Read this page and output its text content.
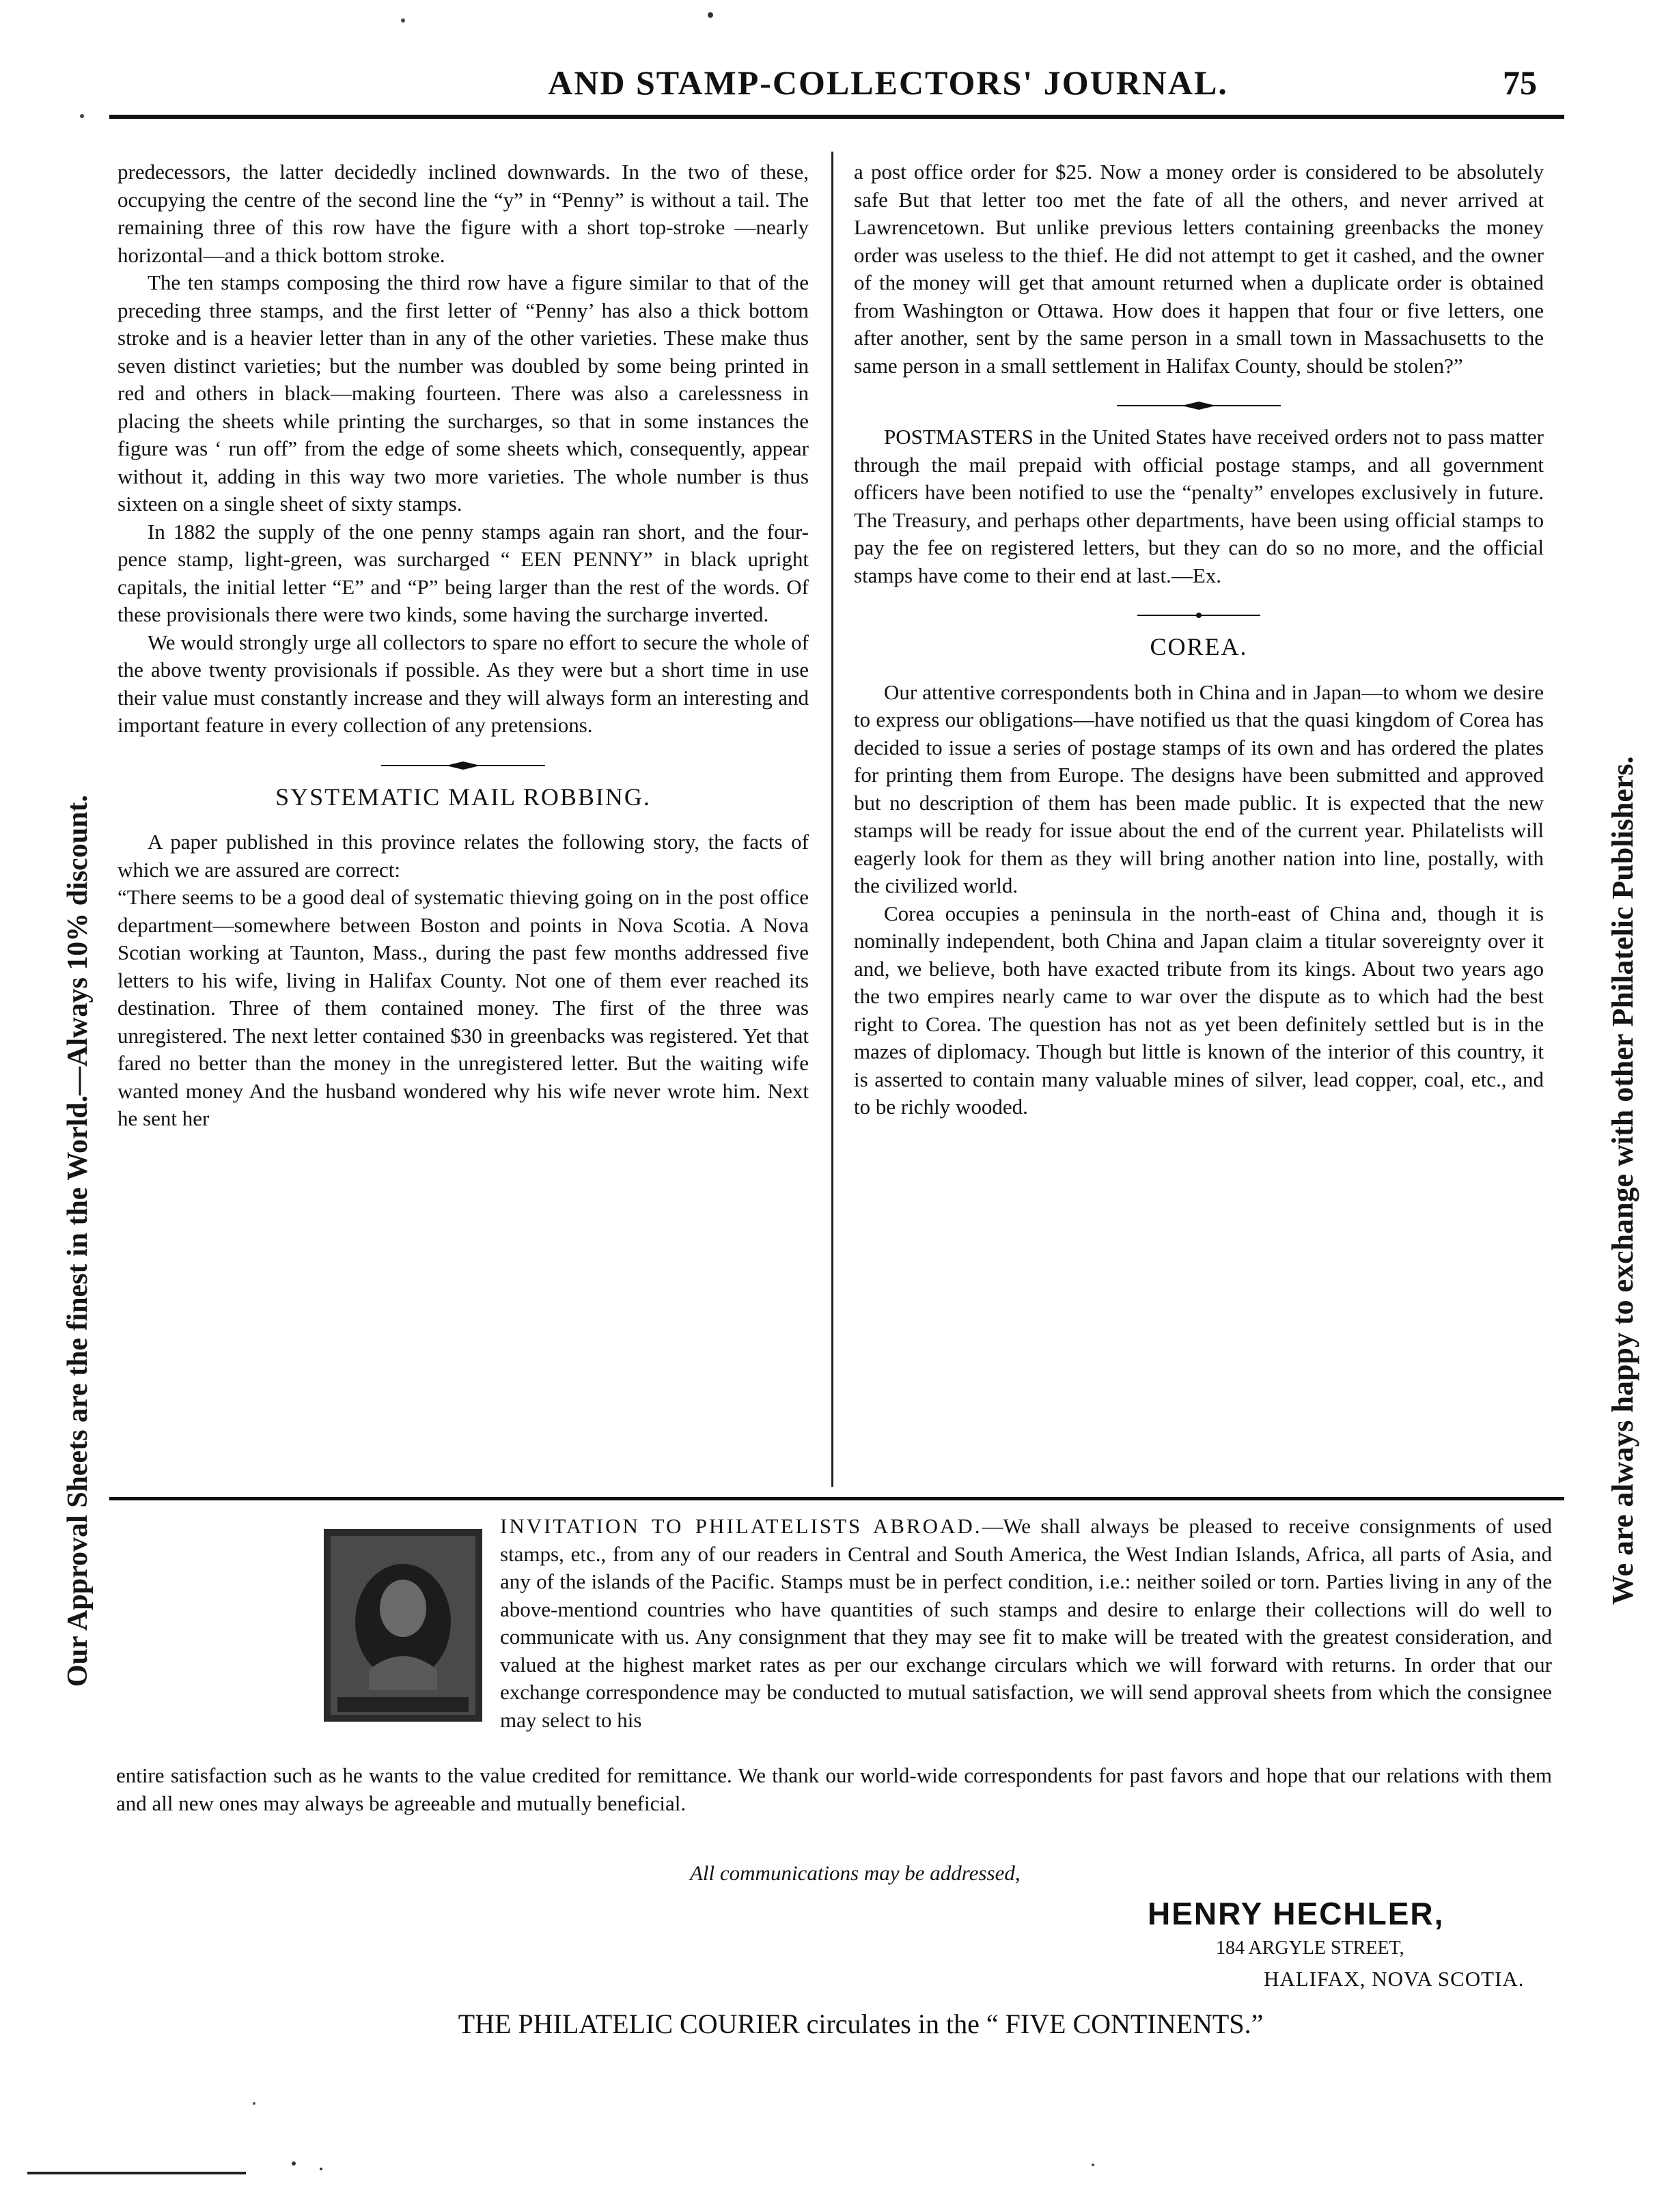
AND STAMP-COLLECTORS' JOURNAL.	75

predecessors, the latter decidedly inclined downwards. In the two of these, occupying the centre of the second line the “y” in “Penny” is without a tail. The remaining three of this row have the figure with a short top-stroke —nearly horizontal—and a thick bottom stroke.

The ten stamps composing the third row have a figure similar to that of the preceding three stamps, and the first letter of “Penny’ has also a thick bottom stroke and is a heavier letter than in any of the other varieties. These make thus seven distinct varieties; but the number was doubled by some being printed in red and others in black—making fourteen. There was also a carelessness in placing the sheets while printing the surcharges, so that in some instances the figure was ‘ run off” from the edge of some sheets which, consequently, appear without it, adding in this way two more varieties. The whole number is thus sixteen on a single sheet of sixty stamps.

In 1882 the supply of the one penny stamps again ran short, and the four-pence stamp, light-green, was surcharged “ EEN PENNY” in black upright capitals, the initial letter “E” and “P” being larger than the rest of the words. Of these provisionals there were two kinds, some having the surcharge inverted.

We would strongly urge all collectors to spare no effort to secure the whole of the above twenty provisionals if possible. As they were but a short time in use their value must constantly increase and they will always form an interesting and important feature in every collection of any pretensions.

SYSTEMATIC MAIL ROBBING.

A paper published in this province relates the following story, the facts of which we are assured are correct:

“There seems to be a good deal of systematic thieving going on in the post office department—somewhere between Boston and points in Nova Scotia. A Nova Scotian working at Taunton, Mass., during the past few months addressed five letters to his wife, living in Halifax County. Not one of them ever reached its destination. Three of them contained money. The first of the three was unregistered. The next letter contained $30 in greenbacks was registered. Yet that fared no better than the money in the unregistered letter. But the waiting wife wanted money And the husband wondered why his wife never wrote him. Next he sent her

a post office order for $25. Now a money order is considered to be absolutely safe But that letter too met the fate of all the others, and never arrived at Lawrencetown. But unlike previous letters containing greenbacks the money order was useless to the thief. He did not attempt to get it cashed, and the owner of the money will get that amount returned when a duplicate order is obtained from Washington or Ottawa. How does it happen that four or five letters, one after another, sent by the same person in a small town in Massachusetts to the same person in a small settlement in Halifax County, should be stolen?”

POSTMASTERS in the United States have received orders not to pass matter through the mail prepaid with official postage stamps, and all government officers have been notified to use the “penalty” envelopes exclusively in future. The Treasury, and perhaps other departments, have been using official stamps to pay the fee on registered letters, but they can do so no more, and the official stamps have come to their end at last.—Ex.

COREA.

Our attentive correspondents both in China and in Japan—to whom we desire to express our obligations—have notified us that the quasi kingdom of Corea has decided to issue a series of postage stamps of its own and has ordered the plates for printing them from Europe. The designs have been submitted and approved but no description of them has been made public. It is expected that the new stamps will be ready for issue about the end of the current year. Philatelists will eagerly look for them as they will bring another nation into line, postally, with the civilized world.

Corea occupies a peninsula in the north-east of China and, though it is nominally independent, both China and Japan claim a titular sovereignty over it and, we believe, both have exacted tribute from its kings. About two years ago the two empires nearly came to war over the dispute as to which had the best right to Corea. The question has not as yet been definitely settled but is in the mazes of diplomacy. Though but little is known of the interior of this country, it is asserted to contain many valuable mines of silver, lead copper, coal, etc., and to be richly wooded.

INVITATION TO PHILATELISTS ABROAD.—We shall always be pleased to receive consignments of used stamps, etc., from any of our readers in Central and South America, the West Indian Islands, Africa, all parts of Asia, and any of the islands of the Pacific. Stamps must be in perfect condition, i.e.: neither soiled or torn. Parties living in any of the above-mentiond countries who have quantities of such stamps and desire to enlarge their collections will do well to communicate with us. Any consignment that they may see fit to make will be treated with the greatest consideration, and valued at the highest market rates as per our exchange circulars which we will forward with returns. In order that our exchange correspondence may be conducted to mutual satisfaction, we will send approval sheets from which the consignee may select to his
entire satisfaction such as he wants to the value credited for remittance. We thank our world-wide correspondents for past favors and hope that our relations with them and all new ones may always be agreeable and mutually beneficial.
All communications may be addressed,
HENRY HECHLER,
184 ARGYLE STREET,
HALIFAX, NOVA SCOTIA.
THE PHILATELIC COURIER circulates in the “ FIVE CONTINENTS.”
Our Approval Sheets are the finest in the World.—Always 10% discount.	We are always happy to exchange with other Philatelic Publishers.
